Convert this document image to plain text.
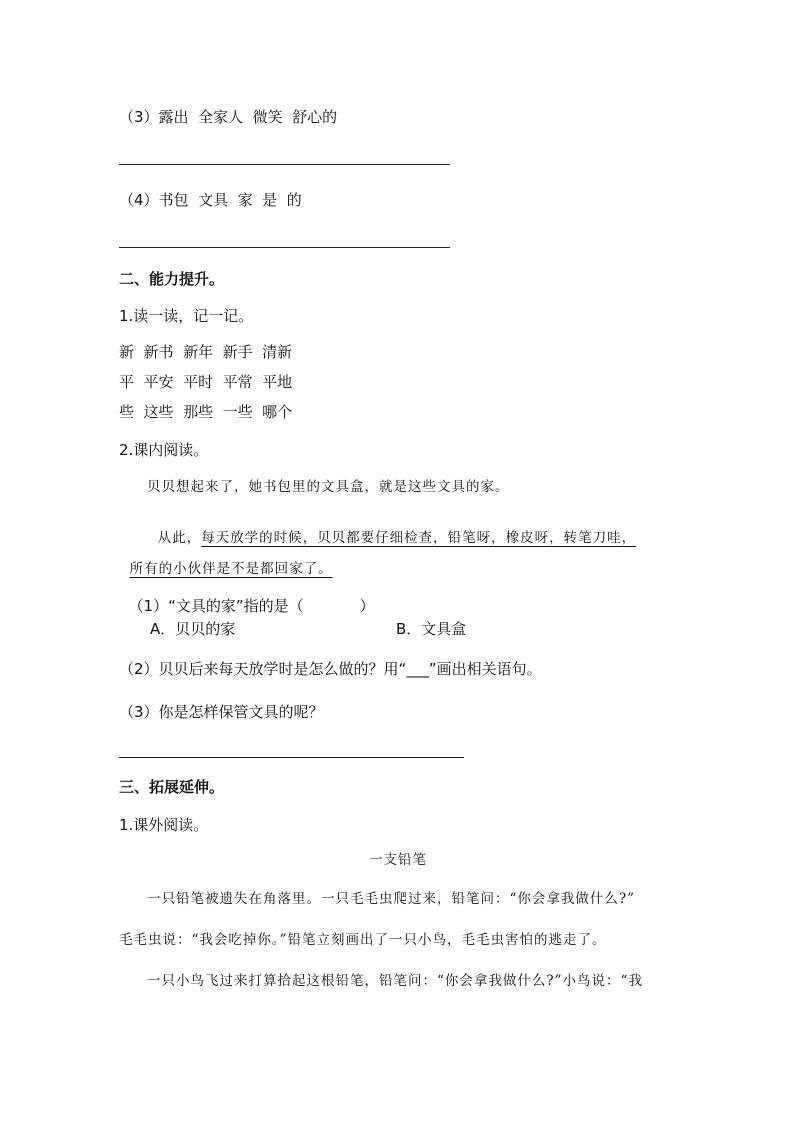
（3）露出  全家人  微笑  舒心的
（4）书包  文具  家  是  的
二、能力提升。
1.读一读，记一记。
新  新书  新年  新手  清新
平  平安  平时  平常  平地
些  这些  那些  一些  哪个
2.课内阅读。
贝贝想起来了，她书包里的文具盒，就是这些文具的家。

从此，每天放学的时候，贝贝都要仔细检查，铅笔呀，橡皮呀，转笔刀哇，

所有的小伙伴是不是都回家了。

（1）“文具的家”指的是（	）

A．贝贝的家	B．文具盒
（2）贝贝后来每天放学时是怎么做的？用“___”画出相关语句。
（3）你是怎样保管文具的呢？
三、拓展延伸。
1.课外阅读。
一支铅笔
一只铅笔被遗失在角落里。一只毛毛虫爬过来，铅笔问：“你会拿我做什么?”
毛毛虫说：“我会吃掉你。”铅笔立刻画出了一只小鸟，毛毛虫害怕的逃走了。
一只小鸟飞过来打算拾起这根铅笔，铅笔问：“你会拿我做什么?”小鸟说：“我
